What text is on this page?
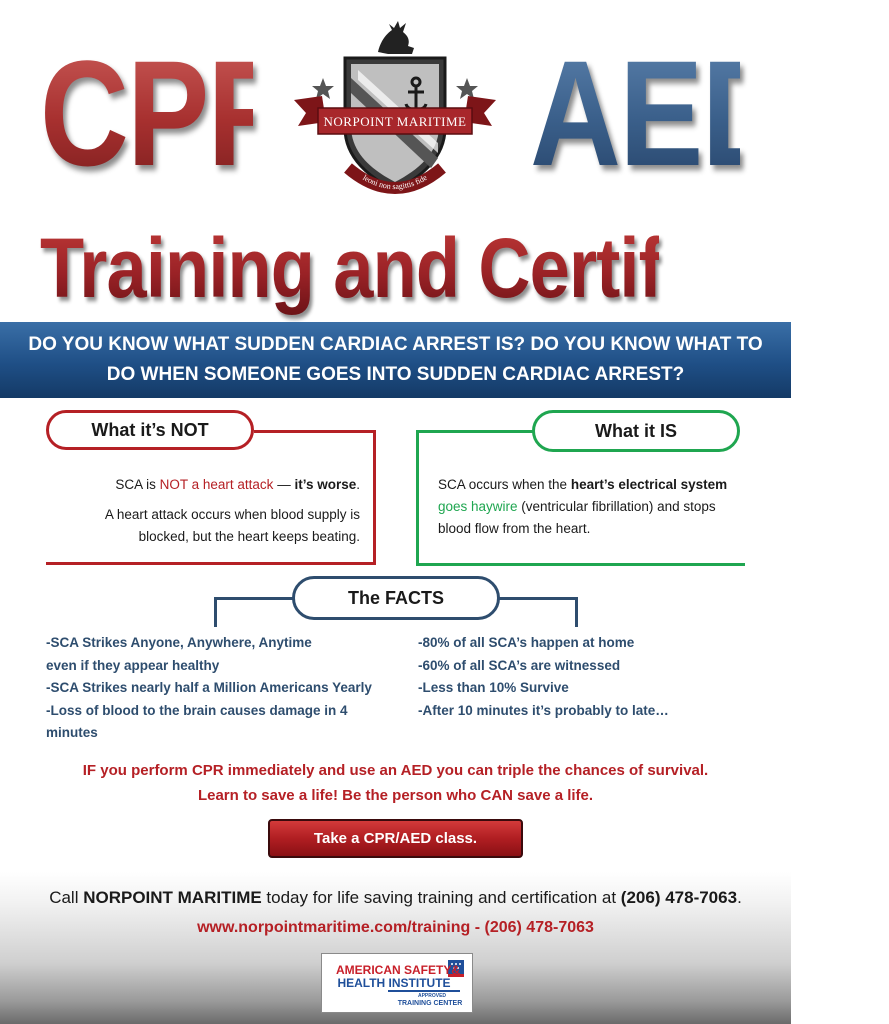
CPR AED
NORPOINT MARITIME
leoni non sagittis fide
Training and Certification
DO YOU KNOW WHAT SUDDEN CARDIAC ARREST IS? DO YOU KNOW WHAT TO
DO WHEN SOMEONE GOES INTO SUDDEN CARDIAC ARREST?
What it’s NOT
SCA is NOT a heart attack — it’s worse.
A heart attack occurs when blood supply is blocked, but the heart keeps beating.
What it IS
SCA occurs when the heart’s electrical system
goes haywire (ventricular fibrillation) and stops blood flow from the heart.
The FACTS
-SCA Strikes Anyone, Anywhere, Anytime
even if they appear healthy
-SCA Strikes nearly half a Million Americans Yearly
-Loss of blood to the brain causes damage in 4
minutes
-80% of all SCA’s happen at home
-60% of all SCA’s are witnessed
-Less than 10% Survive
-After 10 minutes it’s probably to late…
IF you perform CPR immediately and use an AED you can triple the chances of survival.
Learn to save a life! Be the person who CAN save a life.
Take a CPR/AED class.
Call NORPOINT MARITIME today for life saving training and certification at (206) 478-7063.
www.norpointmaritime.com/training - (206) 478-7063
AMERICAN SAFETY&
HEALTH INSTITUTE
APPROVED
TRAINING CENTER
